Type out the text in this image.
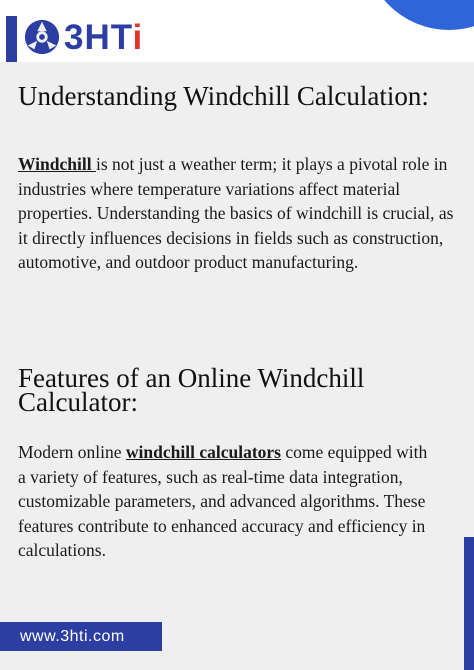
3HTi
Understanding Windchill Calculation:

Windchill is not just a weather term; it plays a pivotal role in industries where temperature variations affect material properties. Understanding the basics of windchill is crucial, as it directly influences decisions in fields such as construction, automotive, and outdoor product manufacturing.

Features of an Online Windchill Calculator:

Modern online windchill calculators come equipped with a variety of features, such as real-time data integration, customizable parameters, and advanced algorithms. These features contribute to enhanced accuracy and efficiency in calculations.

www.3hti.com
